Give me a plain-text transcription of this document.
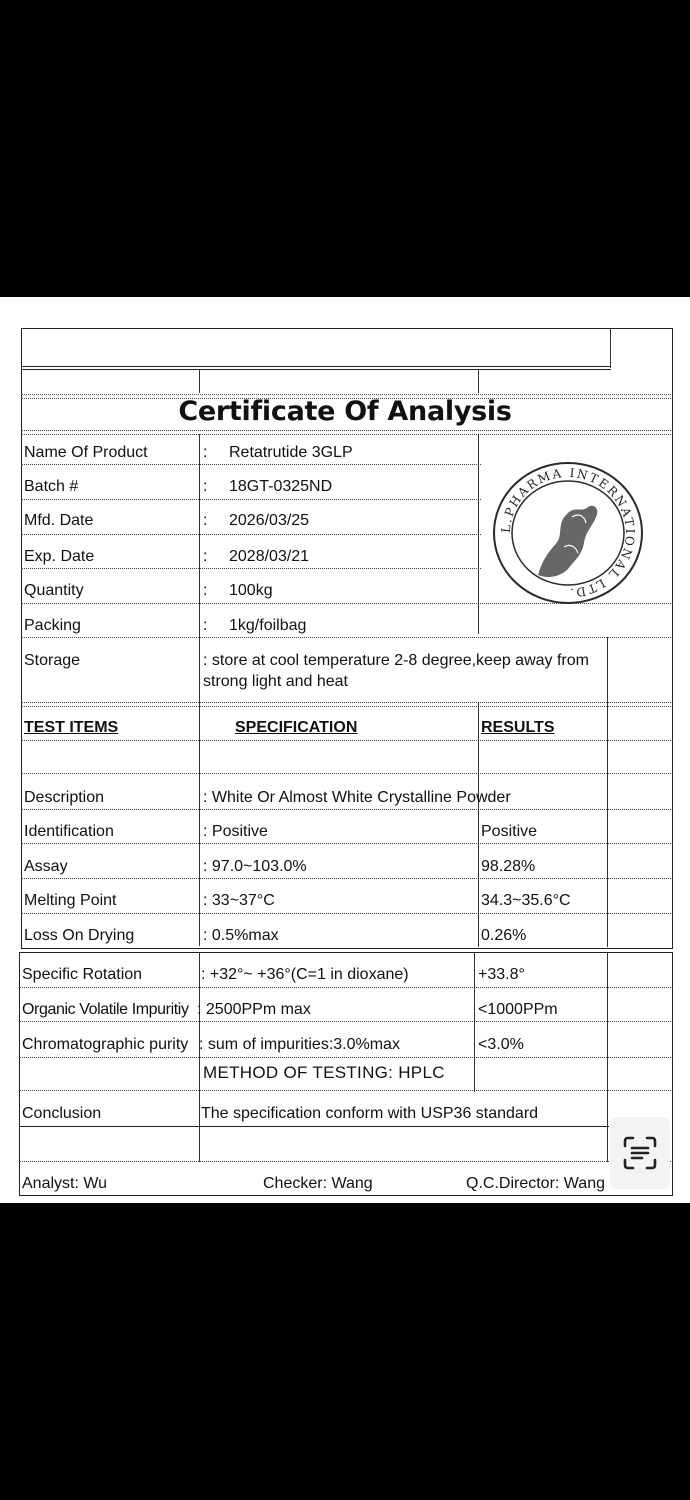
Certificate Of Analysis
Name Of Product	: Retatrutide 3GLP
Batch #	: 18GT-0325ND
Mfd. Date	: 2026/03/25
Exp. Date	: 2028/03/21
Quantity	: 100kg
Packing	: 1kg/foilbag
Storage	: store at cool temperature 2-8 degree,keep away from
strong light and heat
L.PHARMA INTERNATIONAL LTD.
TEST ITEMS	SPECIFICATION	RESULTS
Description	: White Or Almost White Crystalline Powder
Identification	: Positive	Positive
Assay	: 97.0~103.0%	98.28%
Melting Point	: 33~37°C	34.3~35.6°C
Loss On Drying	: 0.5%max	0.26%
Specific Rotation	: +32°~ +36°(C=1 in dioxane)	+33.8°
Organic Volatile Impuritiy : 2500PPm max	<1000PPm
Chromatographic purity : sum of impurities:3.0%max	<3.0%
METHOD OF TESTING: HPLC
Conclusion	The specification conform with USP36 standard
Analyst: Wu	Checker: Wang	Q.C.Director: Wang
